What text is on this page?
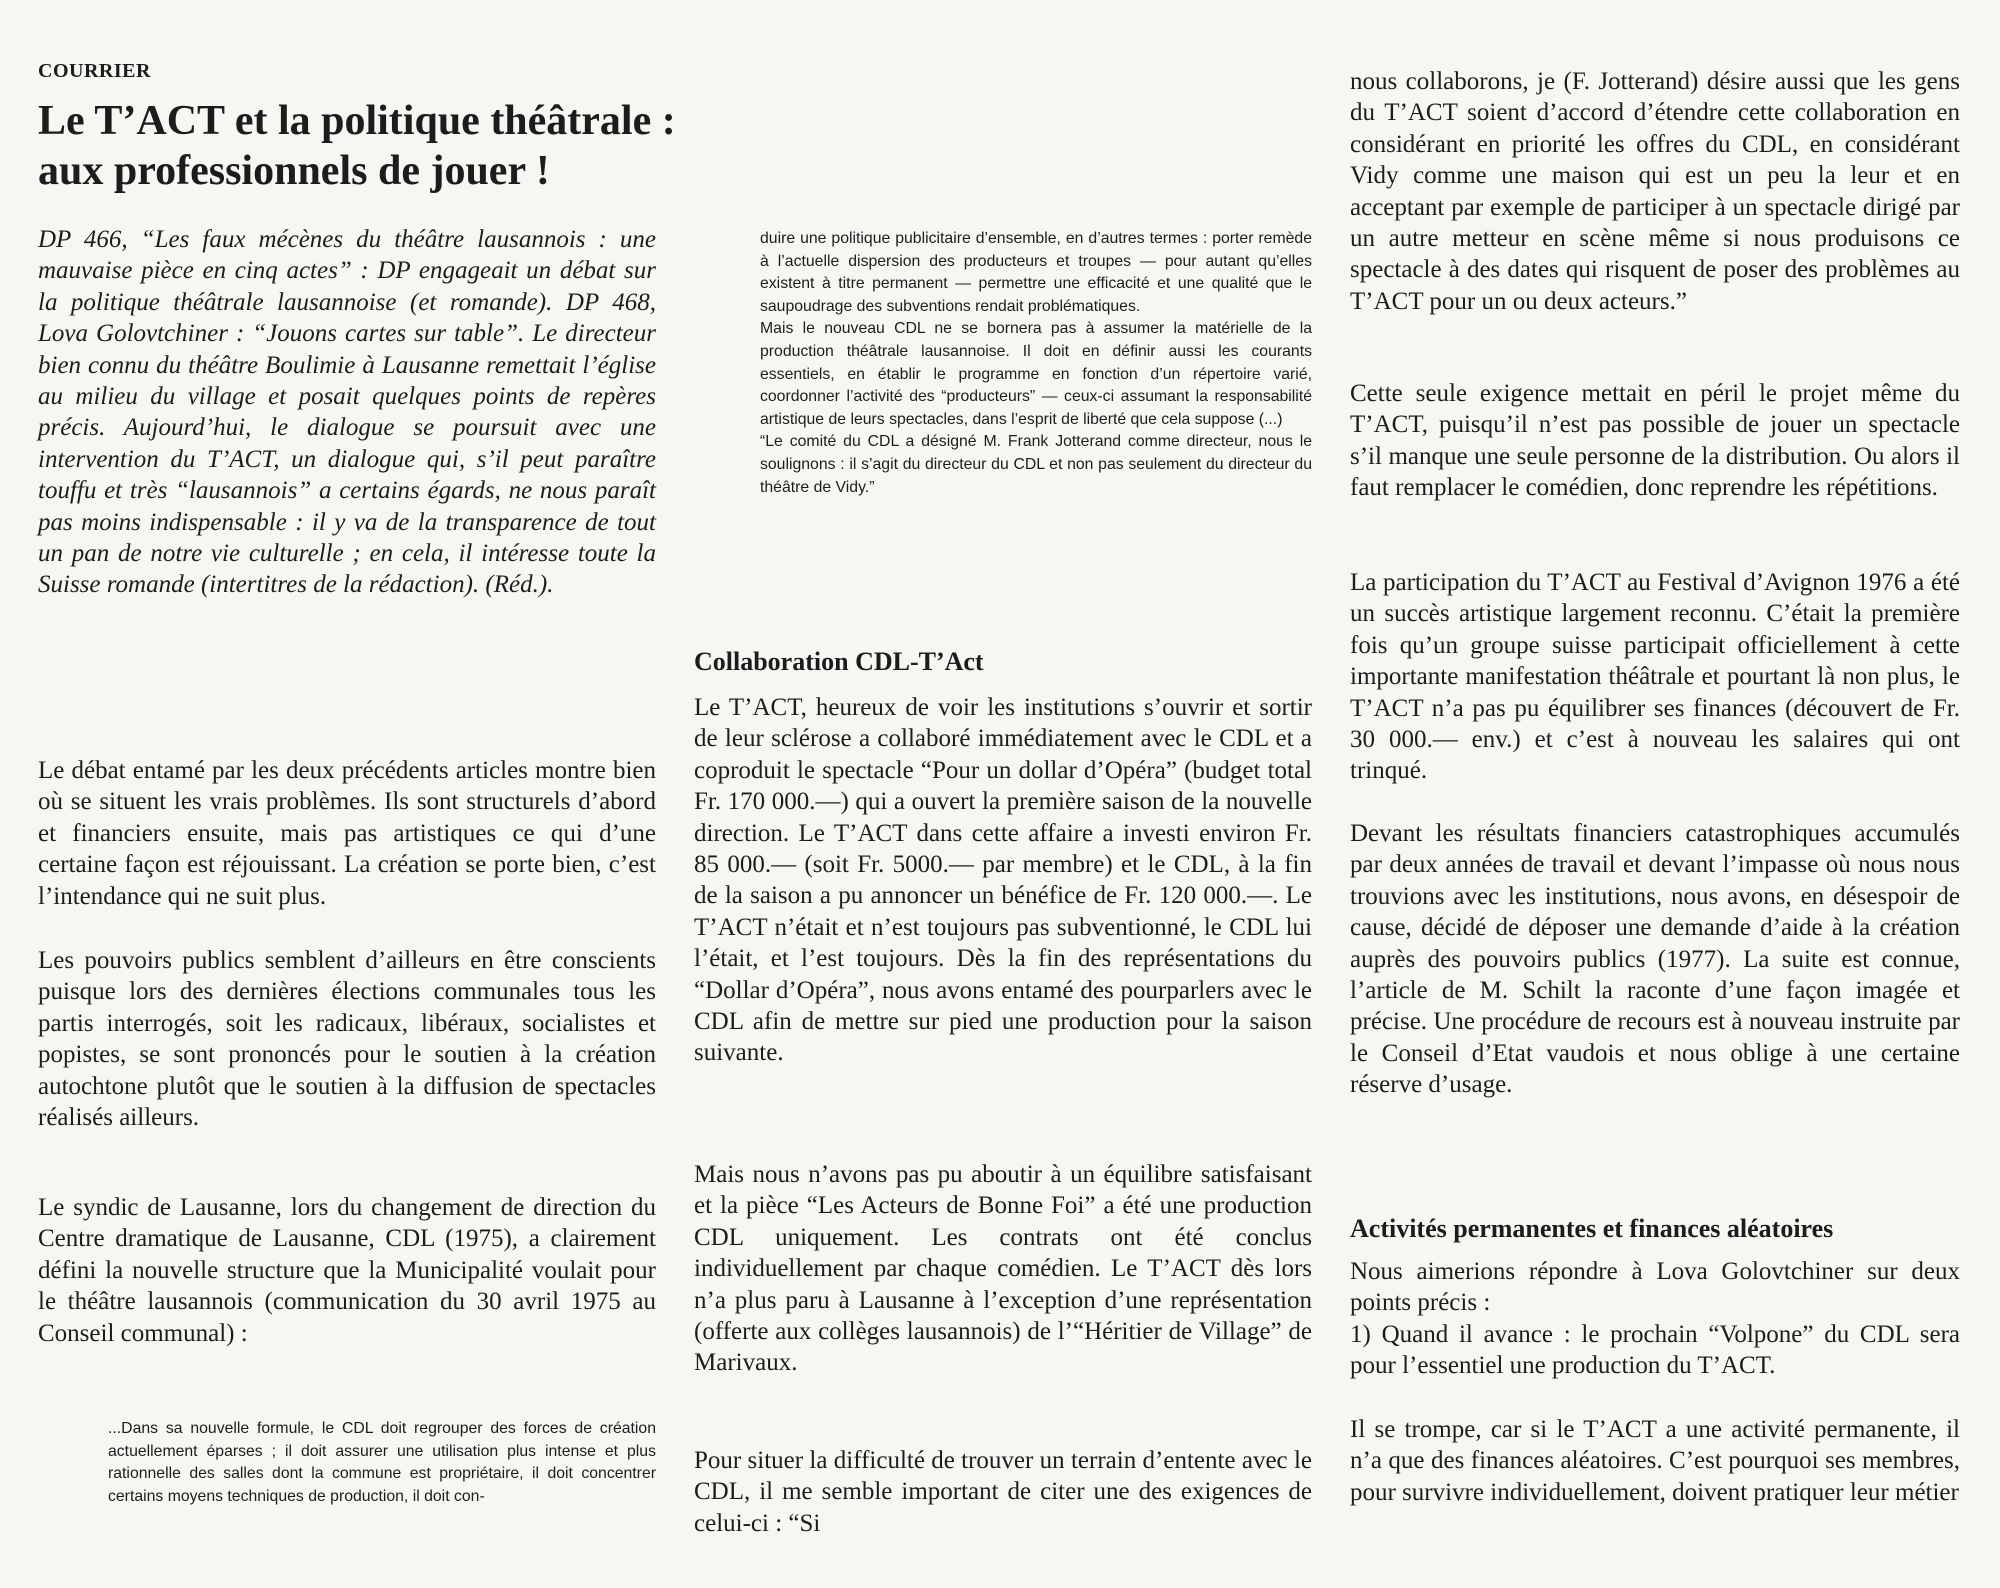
COURRIER
Le T’ACT et la politique théâtrale :
aux professionnels de jouer !

DP 466, “Les faux mécènes du théâtre lausannois : une mauvaise pièce en cinq actes” : DP engageait un débat sur la politique théâtrale lausannoise (et romande). DP 468, Lova Golovtchiner : “Jouons cartes sur table”. Le directeur bien connu du théâtre Boulimie à Lausanne remettait l’église au milieu du village et posait quelques points de repères précis. Aujourd’hui, le dialogue se poursuit avec une intervention du T’ACT, un dialogue qui, s’il peut paraître touffu et très “lausannois” a certains égards, ne nous paraît pas moins indispensable : il y va de la transparence de tout un pan de notre vie culturelle ; en cela, il intéresse toute la Suisse romande (intertitres de la rédaction). (Réd.).

Le débat entamé par les deux précédents articles montre bien où se situent les vrais problèmes. Ils sont structurels d’abord et financiers ensuite, mais pas artistiques ce qui d’une certaine façon est réjouissant. La création se porte bien, c’est l’intendance qui ne suit plus.

Les pouvoirs publics semblent d’ailleurs en être conscients puisque lors des dernières élections communales tous les partis interrogés, soit les radicaux, libéraux, socialistes et popistes, se sont prononcés pour le soutien à la création autochtone plutôt que le soutien à la diffusion de spectacles réalisés ailleurs.

Le syndic de Lausanne, lors du changement de direction du Centre dramatique de Lausanne, CDL (1975), a clairement défini la nouvelle structure que la Municipalité voulait pour le théâtre lausannois (communication du 30 avril 1975 au Conseil communal) :

...Dans sa nouvelle formule, le CDL doit regrouper des forces de création actuellement éparses ; il doit assurer une utilisation plus intense et plus rationnelle des salles dont la commune est propriétaire, il doit concentrer certains moyens techniques de production, il doit con-

duire une politique publicitaire d’ensemble, en d’autres termes : porter remède à l’actuelle dispersion des producteurs et troupes — pour autant qu’elles existent à titre permanent — permettre une efficacité et une qualité que le saupoudrage des subventions rendait problématiques.

Mais le nouveau CDL ne se bornera pas à assumer la matérielle de la production théâtrale lausannoise. Il doit en définir aussi les courants essentiels, en établir le programme en fonction d’un répertoire varié, coordonner l’activité des “producteurs” — ceux-ci assumant la responsabilité artistique de leurs spectacles, dans l’esprit de liberté que cela suppose (...)

“Le comité du CDL a désigné M. Frank Jotterand comme directeur, nous le soulignons : il s’agit du directeur du CDL et non pas seulement du directeur du théâtre de Vidy.”

Collaboration CDL-T’Act

Le T’ACT, heureux de voir les institutions s’ouvrir et sortir de leur sclérose a collaboré immédiatement avec le CDL et a coproduit le spectacle “Pour un dollar d’Opéra” (budget total Fr. 170 000.—) qui a ouvert la première saison de la nouvelle direction. Le T’ACT dans cette affaire a investi environ Fr. 85 000.— (soit Fr. 5000.— par membre) et le CDL, à la fin de la saison a pu annoncer un bénéfice de Fr. 120 000.—. Le T’ACT n’était et n’est toujours pas subventionné, le CDL lui l’était, et l’est toujours. Dès la fin des représentations du “Dollar d’Opéra”, nous avons entamé des pourparlers avec le CDL afin de mettre sur pied une production pour la saison suivante.

Mais nous n’avons pas pu aboutir à un équilibre satisfaisant et la pièce “Les Acteurs de Bonne Foi” a été une production CDL uniquement. Les contrats ont été conclus individuellement par chaque comédien. Le T’ACT dès lors n’a plus paru à Lausanne à l’exception d’une représentation (offerte aux collèges lausannois) de l’“Héritier de Village” de Marivaux.

Pour situer la difficulté de trouver un terrain d’entente avec le CDL, il me semble important de citer une des exigences de celui-ci : “Si

nous collaborons, je (F. Jotterand) désire aussi que les gens du T’ACT soient d’accord d’étendre cette collaboration en considérant en priorité les offres du CDL, en considérant Vidy comme une maison qui est un peu la leur et en acceptant par exemple de participer à un spectacle dirigé par un autre metteur en scène même si nous produisons ce spectacle à des dates qui risquent de poser des problèmes au T’ACT pour un ou deux acteurs.”

Cette seule exigence mettait en péril le projet même du T’ACT, puisqu’il n’est pas possible de jouer un spectacle s’il manque une seule personne de la distribution. Ou alors il faut remplacer le comédien, donc reprendre les répétitions.

La participation du T’ACT au Festival d’Avignon 1976 a été un succès artistique largement reconnu. C’était la première fois qu’un groupe suisse participait officiellement à cette importante manifestation théâtrale et pourtant là non plus, le T’ACT n’a pas pu équilibrer ses finances (découvert de Fr. 30 000.— env.) et c’est à nouveau les salaires qui ont trinqué.

Devant les résultats financiers catastrophiques accumulés par deux années de travail et devant l’impasse où nous nous trouvions avec les institutions, nous avons, en désespoir de cause, décidé de déposer une demande d’aide à la création auprès des pouvoirs publics (1977). La suite est connue, l’article de M. Schilt la raconte d’une façon imagée et précise. Une procédure de recours est à nouveau instruite par le Conseil d’Etat vaudois et nous oblige à une certaine réserve d’usage.

Activités permanentes et finances aléatoires

Nous aimerions répondre à Lova Golovtchiner sur deux points précis :

1) Quand il avance : le prochain “Volpone” du CDL sera pour l’essentiel une production du T’ACT.

Il se trompe, car si le T’ACT a une activité permanente, il n’a que des finances aléatoires. C’est pourquoi ses membres, pour survivre individuellement, doivent pratiquer leur métier
